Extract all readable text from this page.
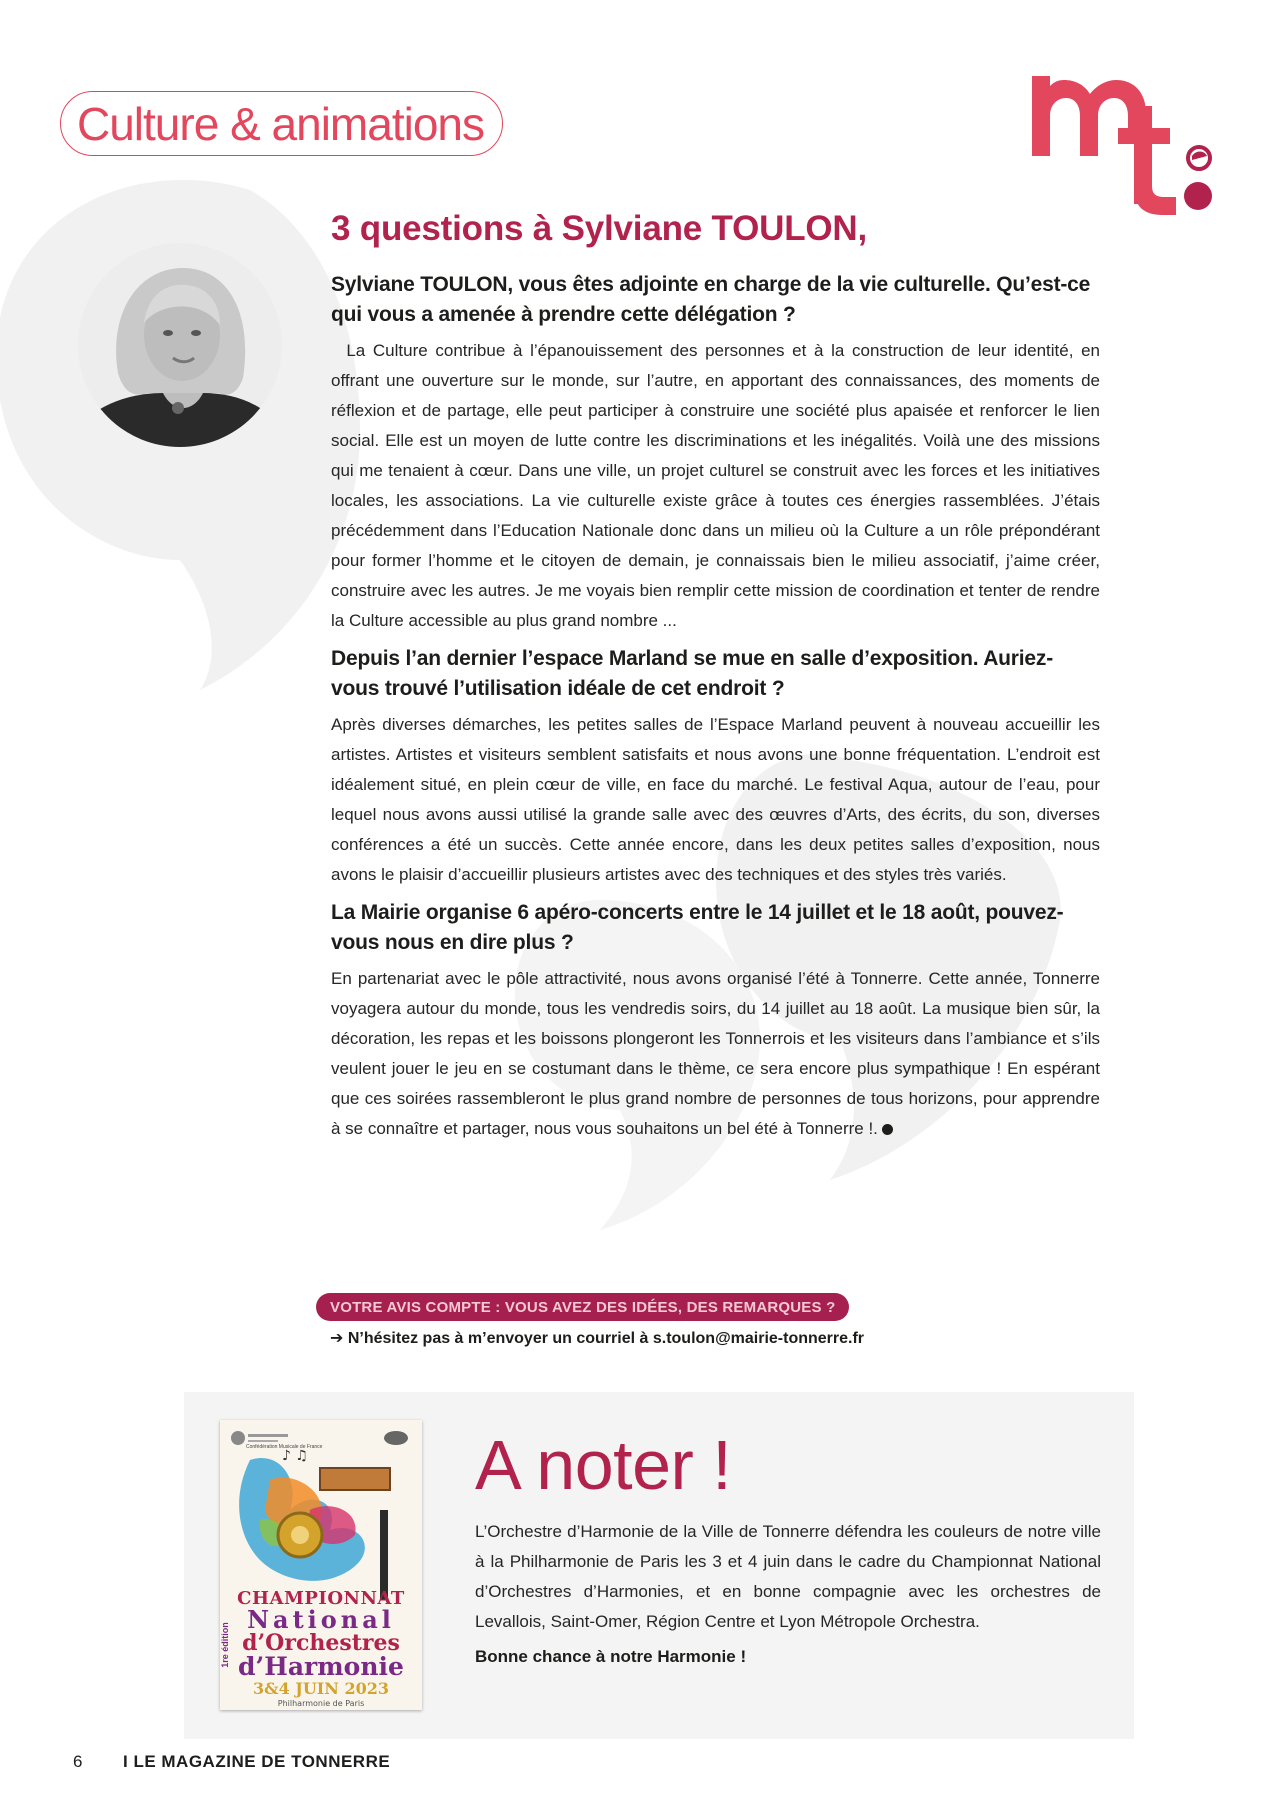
Culture & animations
3 questions à Sylviane TOULON,

Sylviane TOULON, vous êtes adjointe en charge de la vie culturelle. Qu’est-ce qui vous a amenée à prendre cette délégation ?

La Culture contribue à l’épanouissement des personnes et à la construction de leur identité, en offrant une ouverture sur le monde, sur l’autre, en apportant des connaissances, des moments de réflexion et de partage, elle peut participer à construire une société plus apaisée et renforcer le lien social. Elle est un moyen de lutte contre les discriminations et les inégalités. Voilà une des missions qui me tenaient à cœur. Dans une ville, un projet culturel se construit avec les forces et les initiatives locales, les associations. La vie culturelle existe grâce à toutes ces énergies rassemblées. J’étais précédemment dans l’Education Nationale donc dans un milieu où la Culture a un rôle prépondérant pour former l’homme et le citoyen de demain, je connaissais bien le milieu associatif, j’aime créer, construire avec les autres. Je me voyais bien remplir cette mission de coordination et tenter de rendre la Culture accessible au plus grand nombre ...

Depuis l’an dernier l’espace Marland se mue en salle d’exposition. Auriez-vous trouvé l’utilisation idéale de cet endroit ?

Après diverses démarches, les petites salles de l’Espace Marland peuvent à nouveau accueillir les artistes. Artistes et visiteurs semblent satisfaits et nous avons une bonne fréquentation. L’endroit est idéalement situé, en plein cœur de ville, en face du marché. Le festival Aqua, autour de l’eau, pour lequel nous avons aussi utilisé la grande salle avec des œuvres d’Arts, des écrits, du son, diverses conférences a été un succès. Cette année encore, dans les deux petites salles d’exposition, nous avons le plaisir d’accueillir plusieurs artistes avec des techniques et des styles très variés.

La Mairie organise 6 apéro-concerts entre le 14 juillet et le 18 août, pouvez-vous nous en dire plus ?

En partenariat avec le pôle attractivité, nous avons organisé l’été à Tonnerre. Cette année, Tonnerre voyagera autour du monde, tous les vendredis soirs, du 14 juillet au 18 août. La musique bien sûr, la décoration, les repas et les boissons plongeront les Tonnerrois et les visiteurs dans l’ambiance et s’ils veulent jouer le jeu en se costumant dans le thème, ce sera encore plus sympathique ! En espérant que ces soirées rassembleront le plus grand nombre de personnes de tous horizons, pour apprendre à se connaître et partager, nous vous souhaitons un bel été à Tonnerre !.

VOTRE AVIS COMPTE : VOUS AVEZ DES IDÉES, DES REMARQUES ?
➔ N’hésitez pas à m’envoyer un courriel à s.toulon@mairie-tonnerre.fr
♪ ♫
CHAMPIONNAT
National
d’Orchestres
d’Harmonie
3&4 JUIN 2023
Philharmonie de Paris
1re édition
Confédération Musicale de France A noter !

L’Orchestre d’Harmonie de la Ville de Tonnerre défendra les couleurs de notre ville à la Philharmonie de Paris les 3 et 4 juin dans le cadre du Championnat National d’Orchestres d’Harmonies, et en bonne compagnie avec les orchestres de Levallois, Saint-Omer, Région Centre et Lyon Métropole Orchestra.

Bonne chance à notre Harmonie !

6 I LE MAGAZINE DE TONNERRE
